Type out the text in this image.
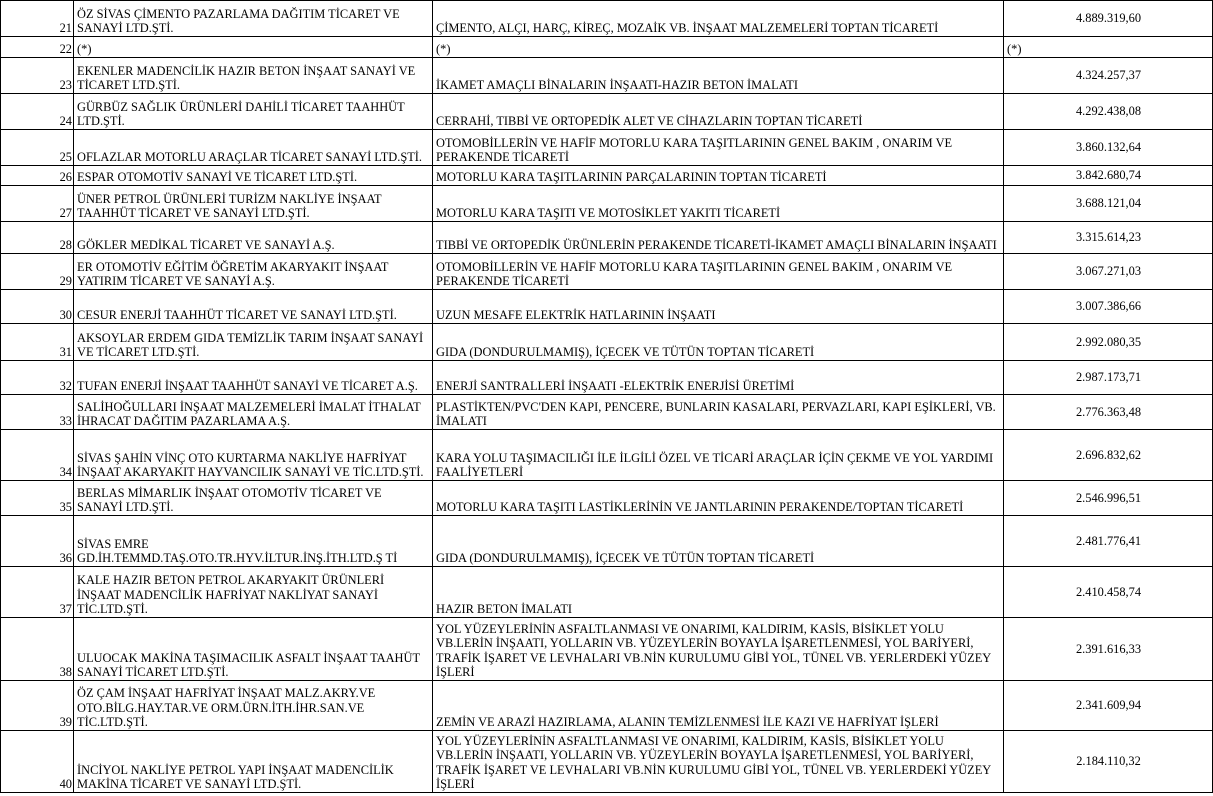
21	ÖZ SİVAS ÇİMENTO PAZARLAMA DAĞITIM TİCARET VE SANAYİ LTD.ŞTİ.	ÇİMENTO, ALÇI, HARÇ, KİREÇ, MOZAİK VB. İNŞAAT MALZEMELERİ TOPTAN TİCARETİ	4.889.319,60
22	(*)	(*)	(*)
23	EKENLER MADENCİLİK HAZIR BETON İNŞAAT SANAYİ VE TİCARET LTD.ŞTİ.	İKAMET AMAÇLI BİNALARIN İNŞAATI-HAZIR BETON İMALATI	4.324.257,37
24	GÜRBÜZ SAĞLIK ÜRÜNLERİ DAHİLİ TİCARET TAAHHÜT LTD.ŞTİ.	CERRAHİ, TIBBİ VE ORTOPEDİK ALET VE CİHAZLARIN TOPTAN TİCARETİ	4.292.438,08
25	OFLAZLAR MOTORLU ARAÇLAR TİCARET SANAYİ LTD.ŞTİ.	OTOMOBİLLERİN VE HAFİF MOTORLU KARA TAŞITLARININ GENEL BAKIM , ONARIM VE PERAKENDE TİCARETİ	3.860.132,64
26	ESPAR OTOMOTİV SANAYİ VE TİCARET LTD.ŞTİ.	MOTORLU KARA TAŞITLARININ PARÇALARININ TOPTAN TİCARETİ	3.842.680,74
27	ÜNER PETROL ÜRÜNLERİ TURİZM NAKLİYE İNŞAAT TAAHHÜT TİCARET VE SANAYİ LTD.ŞTİ.	MOTORLU KARA TAŞITI VE MOTOSİKLET YAKITI TİCARETİ	3.688.121,04
28	GÖKLER MEDİKAL TİCARET VE SANAYİ A.Ş.	TIBBİ VE ORTOPEDİK ÜRÜNLERİN PERAKENDE TİCARETİ-İKAMET AMAÇLI BİNALARIN İNŞAATI	3.315.614,23
29	ER OTOMOTİV EĞİTİM ÖĞRETİM AKARYAKIT İNŞAAT YATIRIM TİCARET VE SANAYİ A.Ş.	OTOMOBİLLERİN VE HAFİF MOTORLU KARA TAŞITLARININ GENEL BAKIM , ONARIM VE PERAKENDE TİCARETİ	3.067.271,03
30	CESUR ENERJİ TAAHHÜT TİCARET VE SANAYİ LTD.ŞTİ.	UZUN MESAFE ELEKTRİK HATLARININ İNŞAATI	3.007.386,66
31	AKSOYLAR ERDEM GIDA TEMİZLİK TARIM İNŞAAT SANAYİ VE TİCARET LTD.ŞTİ.	GIDA (DONDURULMAMIŞ), İÇECEK VE TÜTÜN TOPTAN TİCARETİ	2.992.080,35
32	TUFAN ENERJİ İNŞAAT TAAHHÜT SANAYİ VE TİCARET A.Ş.	ENERJİ SANTRALLERİ İNŞAATI -ELEKTRİK ENERJİSİ ÜRETİMİ	2.987.173,71
33	SALİHOĞULLARI İNŞAAT MALZEMELERİ İMALAT İTHALAT İHRACAT DAĞITIM PAZARLAMA A.Ş.	PLASTİKTEN/PVC'DEN KAPI, PENCERE, BUNLARIN KASALARI, PERVAZLARI, KAPI EŞİKLERİ, VB. İMALATI	2.776.363,48
34	SİVAS ŞAHİN VİNÇ OTO KURTARMA NAKLİYE HAFRİYAT İNŞAAT AKARYAKIT HAYVANCILIK SANAYİ VE TİC.LTD.ŞTİ.	KARA YOLU TAŞIMACILIĞI İLE İLGİLİ ÖZEL VE TİCARİ ARAÇLAR İÇİN ÇEKME VE YOL YARDIMI FAALİYETLERİ	2.696.832,62
35	BERLAS MİMARLIK İNŞAAT OTOMOTİV TİCARET VE SANAYİ LTD.ŞTİ.	MOTORLU KARA TAŞITI LASTİKLERİNİN VE JANTLARININ PERAKENDE/TOPTAN TİCARETİ	2.546.996,51
36	SİVAS EMRE GD.İH.TEMMD.TAŞ.OTO.TR.HYV.İLTUR.İNŞ.İTH.LTD.Ş Tİ	GIDA (DONDURULMAMIŞ), İÇECEK VE TÜTÜN TOPTAN TİCARETİ	2.481.776,41
37	KALE HAZIR BETON PETROL AKARYAKIT ÜRÜNLERİ İNŞAAT MADENCİLİK HAFRİYAT NAKLİYAT SANAYİ TİC.LTD.ŞTİ.	HAZIR BETON İMALATI	2.410.458,74
38	ULUOCAK MAKİNA TAŞIMACILIK ASFALT İNŞAAT TAAHÜT SANAYİ TİCARET LTD.ŞTİ.	YOL YÜZEYLERİNİN ASFALTLANMASI VE ONARIMI, KALDIRIM, KASİS, BİSİKLET YOLU VB.LERİN İNŞAATI, YOLLARIN VB. YÜZEYLERİN BOYAYLA İŞARETLENMESİ, YOL BARİYERİ, TRAFİK İŞARET VE LEVHALARI VB.NİN KURULUMU GİBİ YOL, TÜNEL VB. YERLERDEKİ YÜZEY İŞLERİ	2.391.616,33
39	ÖZ ÇAM İNŞAAT HAFRİYAT İNŞAAT MALZ.AKRY.VE OTO.BİLG.HAY.TAR.VE ORM.ÜRN.İTH.İHR.SAN.VE TİC.LTD.ŞTİ.	ZEMİN VE ARAZİ HAZIRLAMA, ALANIN TEMİZLENMESİ İLE KAZI VE HAFRİYAT İŞLERİ	2.341.609,94
40	İNCİYOL NAKLİYE PETROL YAPI İNŞAAT MADENCİLİK MAKİNA TİCARET VE SANAYİ LTD.ŞTİ.	YOL YÜZEYLERİNİN ASFALTLANMASI VE ONARIMI, KALDIRIM, KASİS, BİSİKLET YOLU VB.LERİN İNŞAATI, YOLLARIN VB. YÜZEYLERİN BOYAYLA İŞARETLENMESİ, YOL BARİYERİ, TRAFİK İŞARET VE LEVHALARI VB.NİN KURULUMU GİBİ YOL, TÜNEL VB. YERLERDEKİ YÜZEY İŞLERİ	2.184.110,32
